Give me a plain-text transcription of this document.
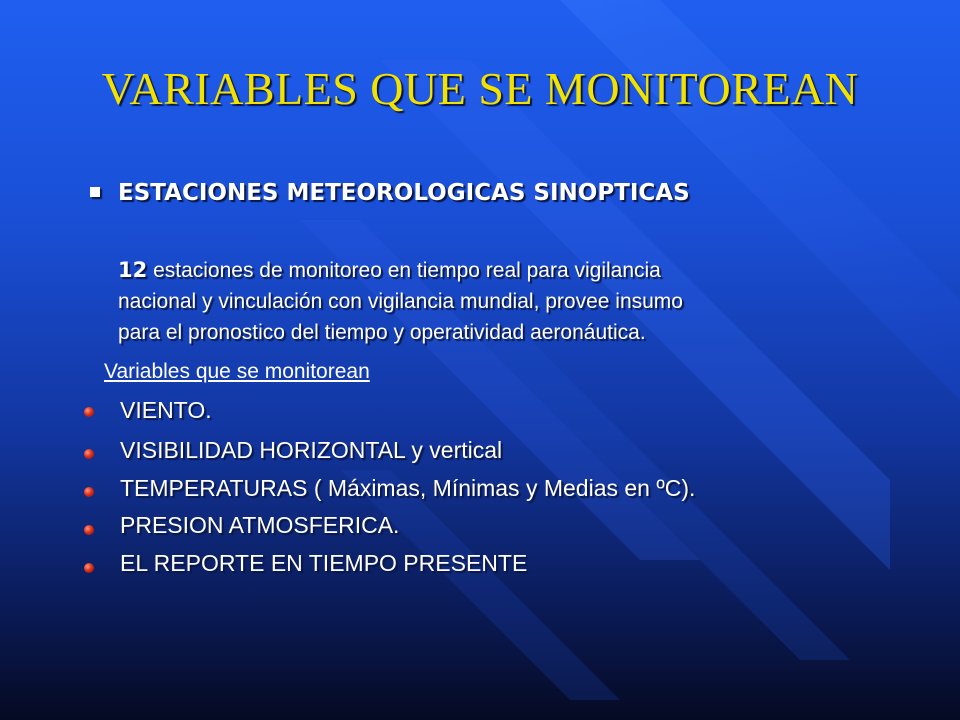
VARIABLES QUE SE MONITOREAN
ESTACIONES METEOROLOGICAS SINOPTICAS
12 estaciones de monitoreo en tiempo real para vigilancia
nacional y vinculación con vigilancia mundial, provee insumo
para el pronostico del tiempo y operatividad aeronáutica.
Variables que se monitorean
VIENTO.
VISIBILIDAD HORIZONTAL y vertical
TEMPERATURAS ( Máximas, Mínimas y Medias en ºC).
PRESION ATMOSFERICA.
EL REPORTE EN TIEMPO PRESENTE
